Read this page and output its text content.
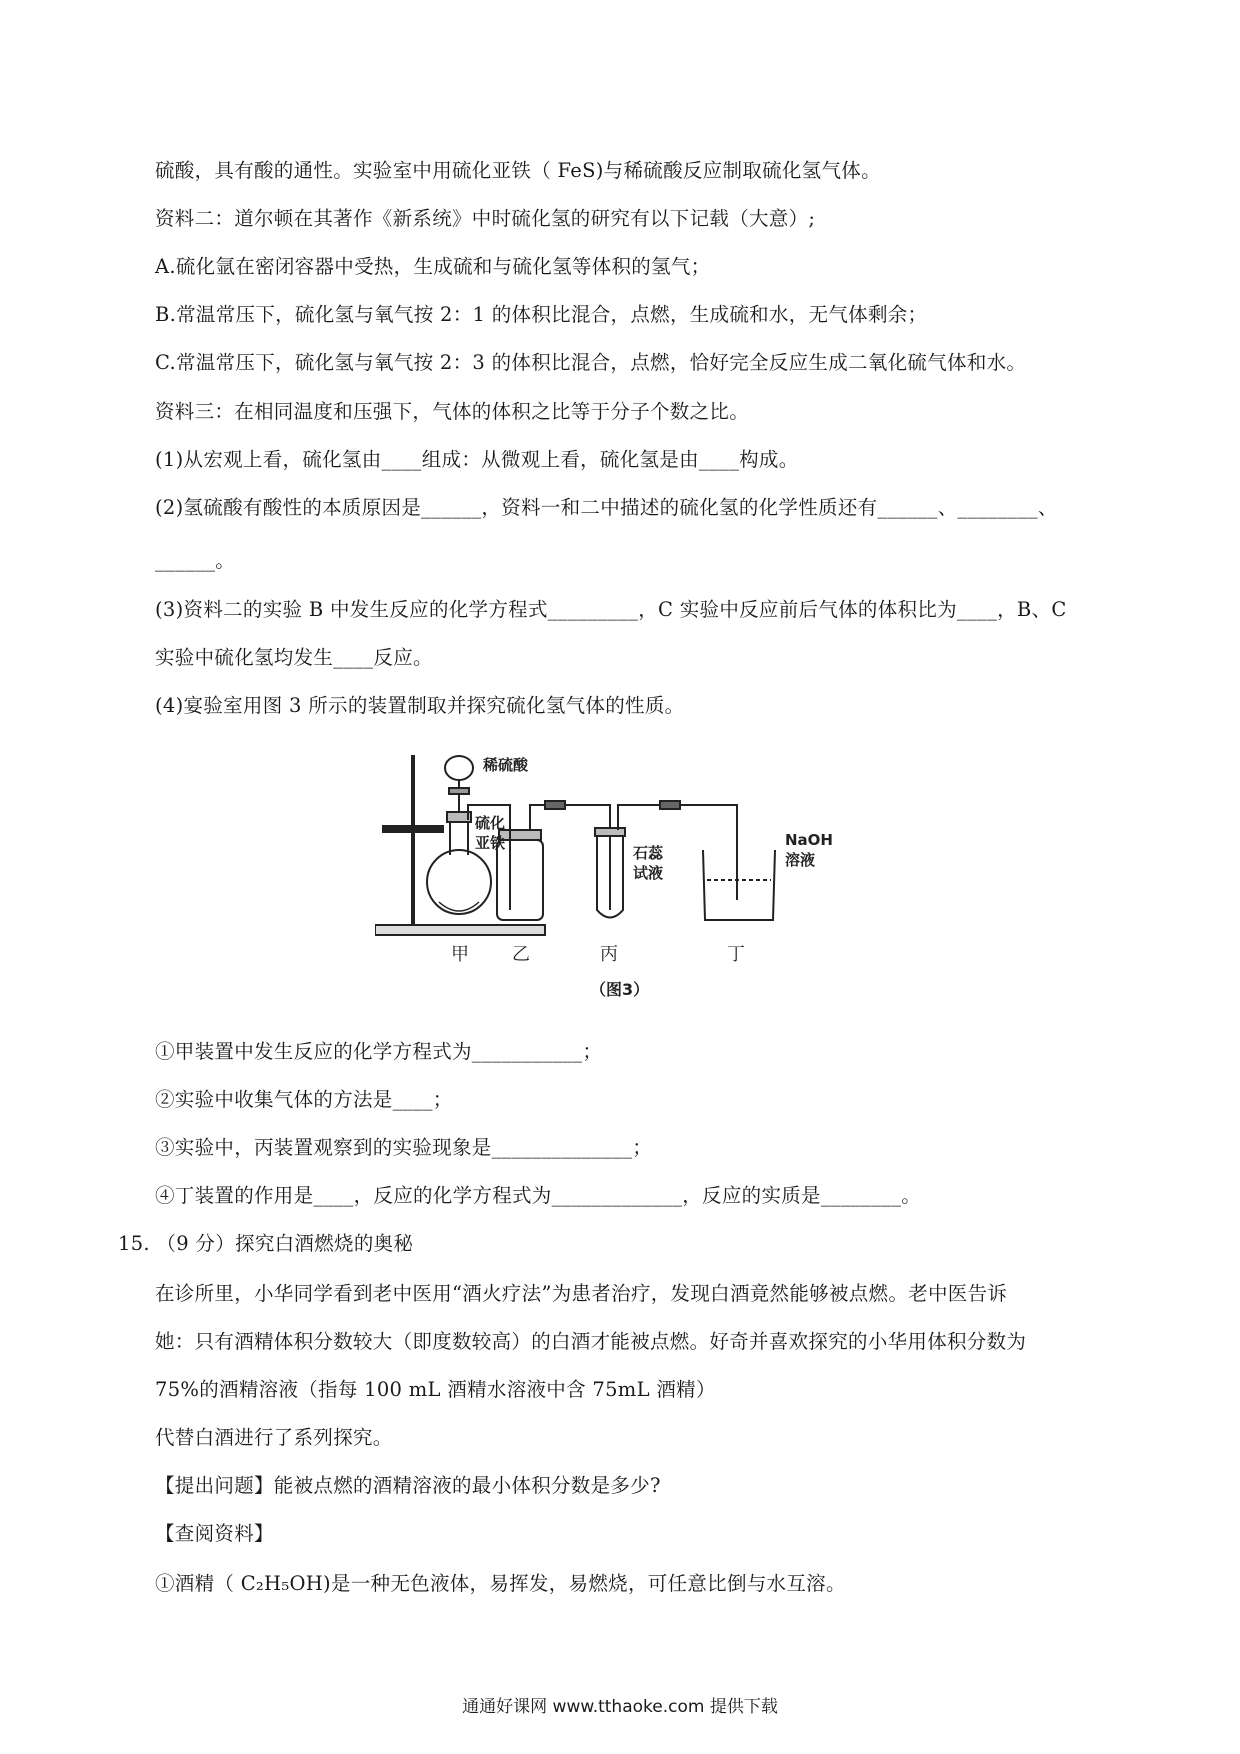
硫酸，具有酸的通性。实验室中用硫化亚铁（ FeS)与稀硫酸反应制取硫化氢气体。
资料二：道尔顿在其著作《新系统》中时硫化氢的研究有以下记载（大意）;
A.硫化氩在密闭容器中受热，生成硫和与硫化氢等体积的氢气；
B.常温常压下，硫化氢与氧气按 2：1 的体积比混合，点燃，生成硫和水，无气体剩余；
C.常温常压下，硫化氢与氧气按 2：3 的体积比混合，点燃，恰好完全反应生成二氧化硫气体和水。
资料三：在相同温度和压强下，气体的体积之比等于分子个数之比。
(1)从宏观上看，硫化氢由____组成：从微观上看，硫化氢是由____构成。
(2)氢硫酸有酸性的本质原因是______，资料一和二中描述的硫化氢的化学性质还有______、________、
______。
(3)资料二的实验 B 中发生反应的化学方程式_________，C 实验中反应前后气体的体积比为____，B、C
实验中硫化氢均发生____反应。
(4)宴验室用图 3 所示的装置制取并探究硫化氢气体的性质。
稀硫酸
硫化
亚铁
石蕊
试液
NaOH
溶液
甲 乙	丙	丁
（图3）
①甲装置中发生反应的化学方程式为___________；
②实验中收集气体的方法是____；
③实验中，丙装置观察到的实验现象是______________；
④丁装置的作用是____，反应的化学方程式为_____________，反应的实质是________。
15. （9 分）探究白酒燃烧的奥秘
在诊所里，小华同学看到老中医用“酒火疗法”为患者治疗，发现白酒竟然能够被点燃。老中医告诉
她：只有酒精体积分数较大（即度数较高）的白酒才能被点燃。好奇并喜欢探究的小华用体积分数为
75%的酒精溶液（指每 100 mL 酒精水溶液中含 75mL 酒精）
代替白酒进行了系列探究。
【提出问题】能被点燃的酒精溶液的最小体积分数是多少?
【查阅资料】
①酒精（ C₂H₅OH)是一种无色液体，易挥发，易燃烧，可任意比倒与水互溶。
通通好课网 www.tthaoke.com 提供下载
